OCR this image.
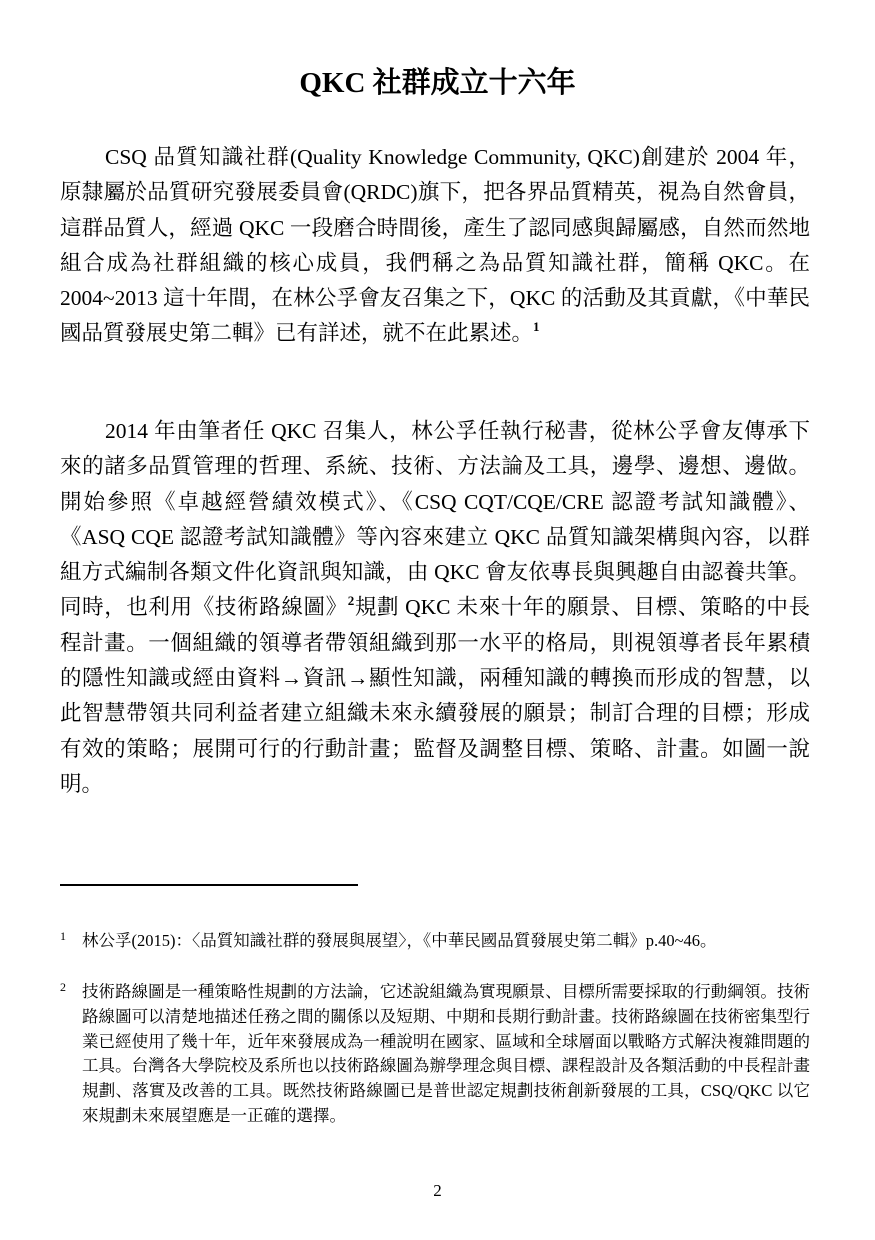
QKC 社群成立十六年
CSQ 品質知識社群(Quality Knowledge Community, QKC)創建於 2004 年，原隸屬於品質研究發展委員會(QRDC)旗下，把各界品質精英，視為自然會員，這群品質人，經過 QKC 一段磨合時間後，產生了認同感與歸屬感，自然而然地組合成為社群組織的核心成員，我們稱之為品質知識社群，簡稱 QKC。在 2004~2013 這十年間，在林公孚會友召集之下，QKC 的活動及其貢獻，《中華民國品質發展史第二輯》已有詳述，就不在此累述。$^1$
2014 年由筆者任 QKC 召集人，林公孚任執行秘書，從林公孚會友傳承下來的諸多品質管理的哲理、系統、技術、方法論及工具，邊學、邊想、邊做。開始參照《卓越經營績效模式》、《CSQ CQT/CQE/CRE 認證考試知識體》、《ASQ CQE 認證考試知識體》等內容來建立 QKC 品質知識架構與內容，以群組方式編制各類文件化資訊與知識，由 QKC 會友依專長與興趣自由認養共筆。同時，也利用《技術路線圖》$^2$規劃 QKC 未來十年的願景、目標、策略的中長程計畫。一個組織的領導者帶領組織到那一水平的格局，則視領導者長年累積的隱性知識或經由資料→資訊→顯性知識，兩種知識的轉換而形成的智慧，以此智慧帶領共同利益者建立組織未來永續發展的願景；制訂合理的目標；形成有效的策略；展開可行的行動計畫；監督及調整目標、策略、計畫。如圖一說明。
1 林公孚(2015)：〈品質知識社群的發展與展望〉，《中華民國品質發展史第二輯》p.40~46。
2 技術路線圖是一種策略性規劃的方法論，它述說組織為實現願景、目標所需要採取的行動綱領。技術路線圖可以清楚地描述任務之間的關係以及短期、中期和長期行動計畫。技術路線圖在技術密集型行業已經使用了幾十年，近年來發展成為一種說明在國家、區域和全球層面以戰略方式解決複雜問題的工具。台灣各大學院校及系所也以技術路線圖為辦學理念與目標、課程設計及各類活動的中長程計畫規劃、落實及改善的工具。既然技術路線圖已是普世認定規劃技術創新發展的工具，CSQ/QKC 以它來規劃未來展望應是一正確的選擇。
2
